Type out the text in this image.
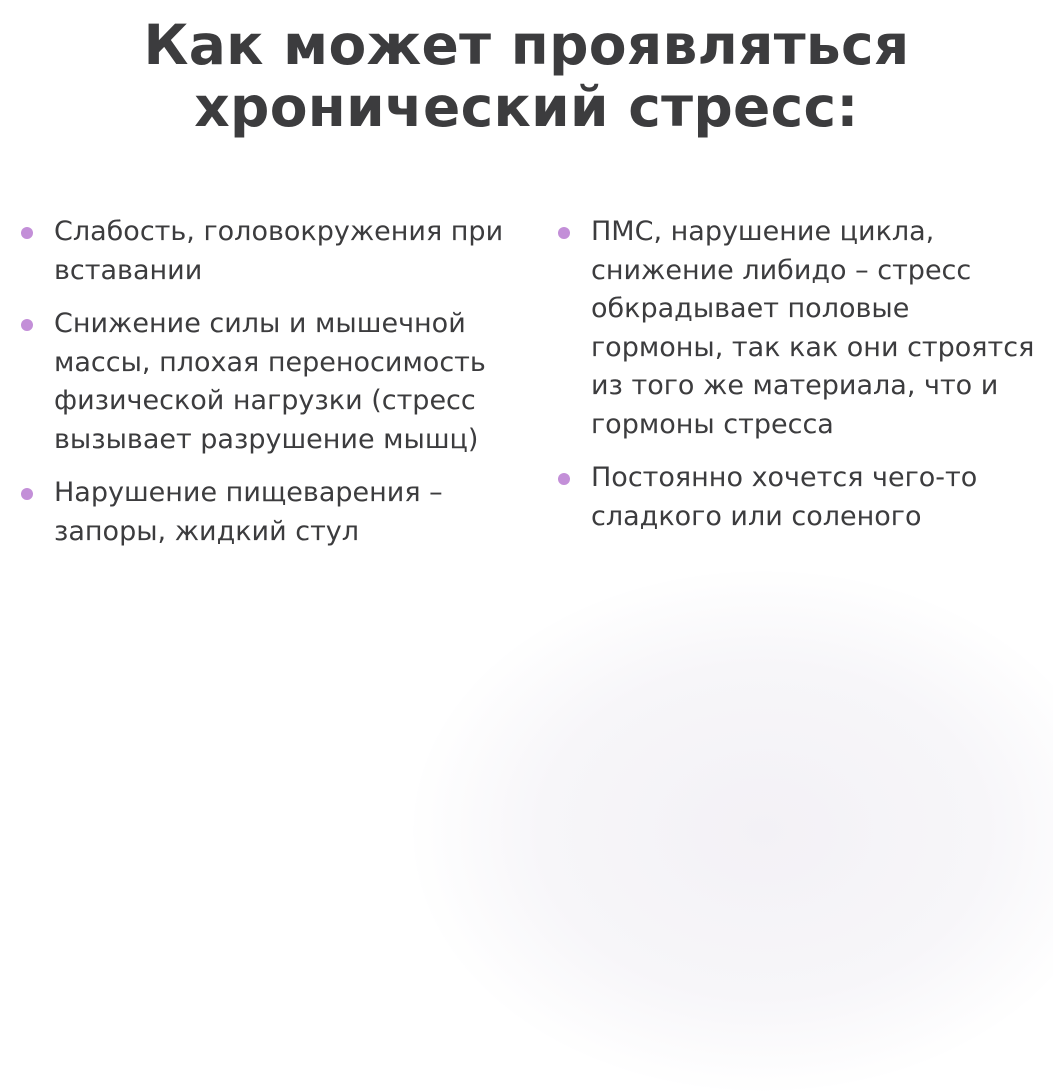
Как может проявляться
хронический стресс:
Слабость, головокружения при вставании
Снижение силы и мышечной массы, плохая переносимость физической нагрузки (стресс вызывает разрушение мышц)
Нарушение пищеварения – запоры, жидкий стул
ПМС, нарушение цикла, снижение либидо – стресс обкрадывает половые гормоны, так как они строятся из того же материала, что и гормоны стресса
Постоянно хочется чего-то сладкого или соленого
